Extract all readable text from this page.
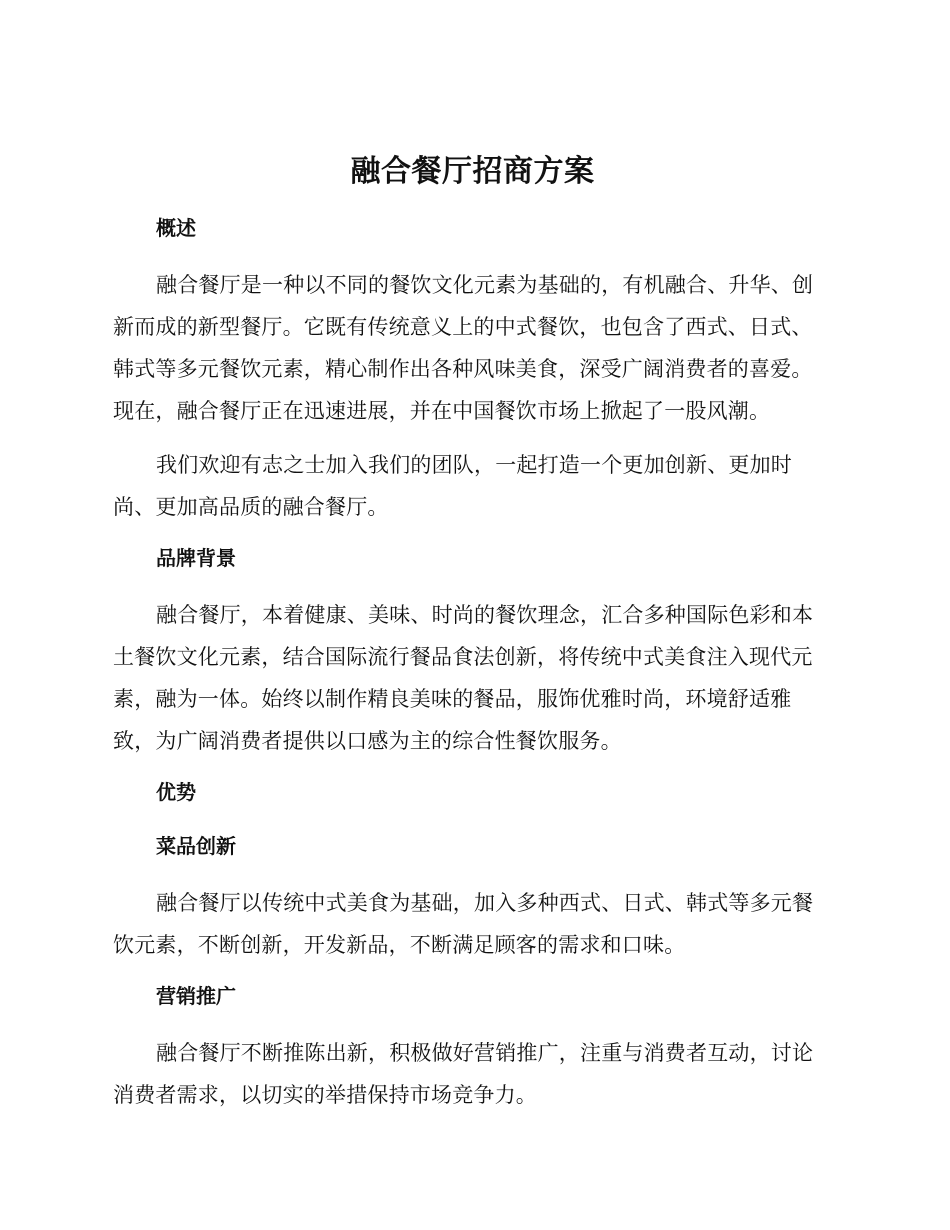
融合餐厅招商方案
概述

融合餐厅是一种以不同的餐饮文化元素为基础的，有机融合、升华、创新而成的新型餐厅。它既有传统意义上的中式餐饮，也包含了西式、日式、韩式等多元餐饮元素，精心制作出各种风味美食，深受广阔消费者的喜爱。现在，融合餐厅正在迅速进展，并在中国餐饮市场上掀起了一股风潮。

我们欢迎有志之士加入我们的团队，一起打造一个更加创新、更加时尚、更加高品质的融合餐厅。

品牌背景

融合餐厅，本着健康、美味、时尚的餐饮理念，汇合多种国际色彩和本土餐饮文化元素，结合国际流行餐品食法创新，将传统中式美食注入现代元素，融为一体。始终以制作精良美味的餐品，服饰优雅时尚，环境舒适雅致，为广阔消费者提供以口感为主的综合性餐饮服务。

优势
菜品创新

融合餐厅以传统中式美食为基础，加入多种西式、日式、韩式等多元餐饮元素，不断创新，开发新品，不断满足顾客的需求和口味。

营销推广

融合餐厅不断推陈出新，积极做好营销推广，注重与消费者互动，讨论消费者需求，以切实的举措保持市场竞争力。
